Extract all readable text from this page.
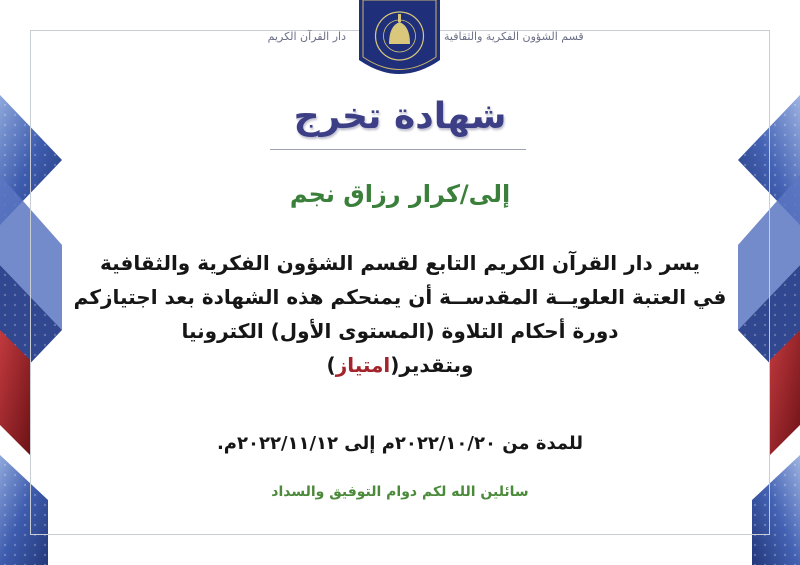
دار القرآن الكريم	قسم الشؤون الفكرية والثقافية
شهادة تخرج
إلى/كرار رزاق نجم
يسر دار القرآن الكريم التابع لقسم الشؤون الفكرية والثقافية
في العتبة العلويــة المقدســة أن يمنحكم هذه الشهادة بعد اجتيازكم
دورة أحكام التلاوة (المستوى الأول) الكترونيا
وبتقدير(امتياز)
للمدة من ٢٠٢٢/١٠/٢٠م إلى ٢٠٢٢/١١/١٢م.
سائلين الله لكم دوام التوفيق والسداد
